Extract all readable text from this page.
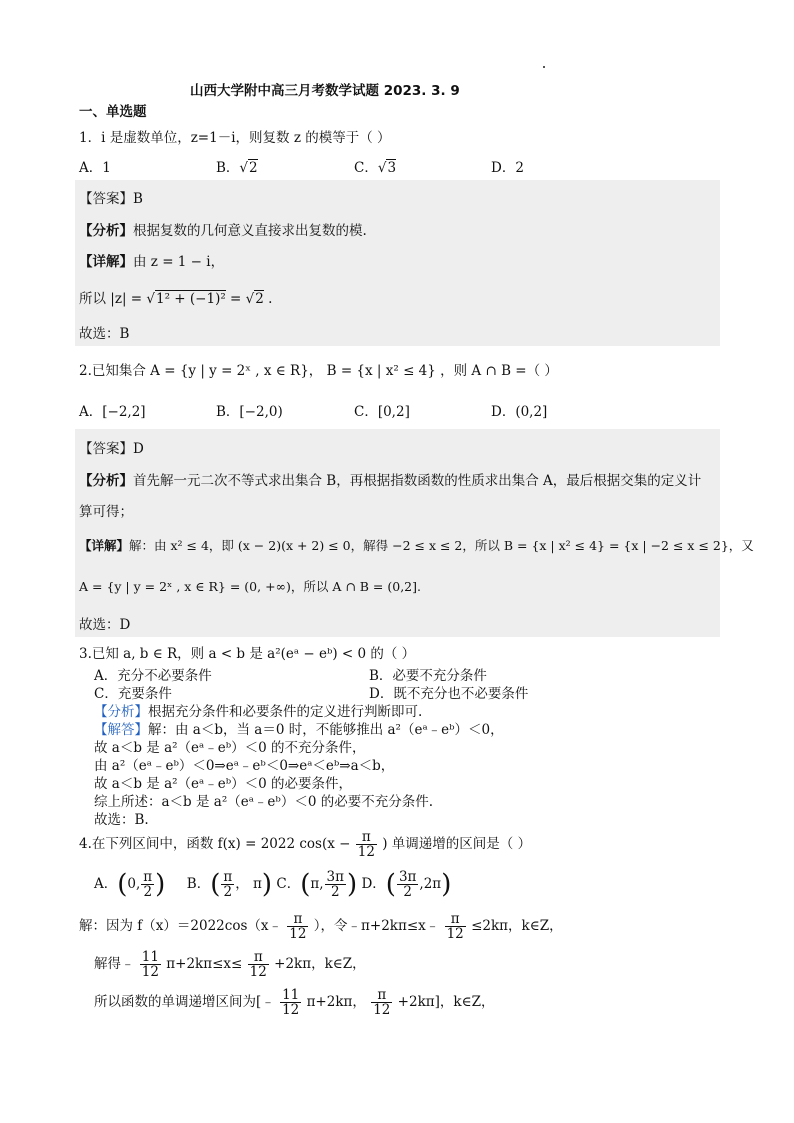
山西大学附中高三月考数学试题 2023. 3. 9
一、单选题
1．i 是虚数单位，z=1－i，则复数 z 的模等于（ ）
A．1	B．√2	C．√3	D．2
【答案】B
【分析】根据复数的几何意义直接求出复数的模.
【详解】由 z = 1 − i，
所以 |z| = √1² + (−1)² = √2 .
故选：B
2.已知集合 A = {y | y = 2ˣ , x ∈ R}， B = {x | x² ≤ 4} ，则 A ∩ B =（ ）
A．[−2,2]	B．[−2,0)	C．[0,2]	D．(0,2]
【答案】D
【分析】首先解一元二次不等式求出集合 B，再根据指数函数的性质求出集合 A，最后根据交集的定义计
算可得；
【详解】解：由 x² ≤ 4，即 (x − 2)(x + 2) ≤ 0，解得 −2 ≤ x ≤ 2，所以 B = {x | x² ≤ 4} = {x | −2 ≤ x ≤ 2}，又
A = {y | y = 2ˣ , x ∈ R} = (0, +∞)，所以 A ∩ B = (0,2].
故选：D
3.已知 a, b ∈ R，则 a < b 是 a²(eᵃ − eᵇ) < 0 的（ ）
A．充分不必要条件	B．必要不充分条件
C．充要条件	D．既不充分也不必要条件
【分析】根据充分条件和必要条件的定义进行判断即可.
【解答】解：由 a＜b，当 a＝0 时，不能够推出 a²（eᵃ﹣eᵇ）＜0，
故 a＜b 是 a²（eᵃ﹣eᵇ）＜0 的不充分条件，
由 a²（eᵃ﹣eᵇ）＜0⇒eᵃ﹣eᵇ＜0⇒eᵃ＜eᵇ⇒a＜b，
故 a＜b 是 a²（eᵃ﹣eᵇ）＜0 的必要条件，
综上所述：a＜b 是 a²（eᵃ﹣eᵇ）＜0 的必要不充分条件.
故选：B.
4.在下列区间中，函数 f(x) = 2022 $\cos(x - \frac{\pi}{12}$ ) 单调递增的区间是（ ）
A．(0, $\frac{\pi}{2}$ ) B．( $\frac{\pi}{2}$ ， π) C．(π, $\frac{3\pi}{2}$ ) D．( $\frac{3\pi}{2} ,2\pi$)
解：因为 f（x）＝2022cos（x﹣ $\frac{\pi}{12}$ ），令﹣π+2kπ≤x﹣ $\frac{\pi}{12} \le 2k\pi$，k∈Z，
解得﹣ $\frac{11}{12} \pi+2k\pi\le x\le \frac{\pi}{12} +2k\pi$，k∈Z，
所以函数的单调递增区间为[﹣ $\frac{11}{12} \pi+2k\pi$， $\frac{\pi}{12} +2k\pi$]，k∈Z，
